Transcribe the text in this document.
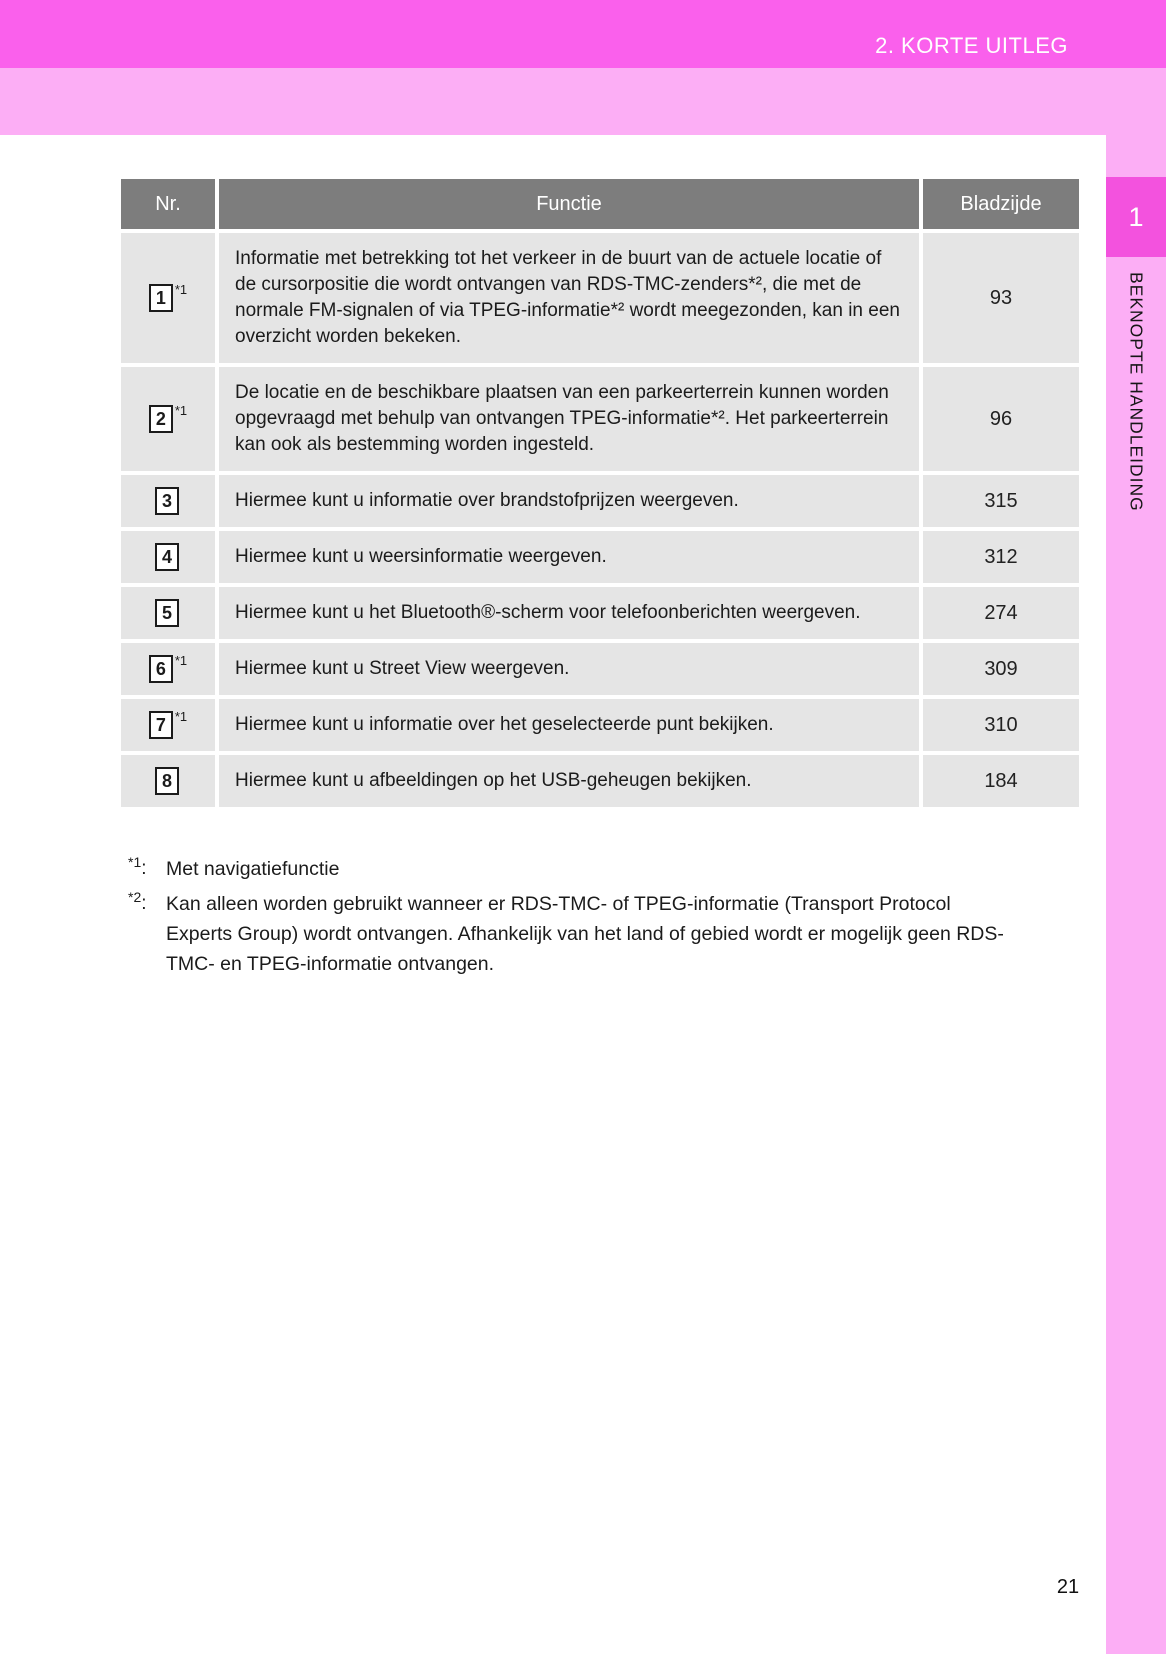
2. KORTE UITLEG
1
BEKNOPTE HANDLEIDING
Nr.	Functie	Bladzijde
1 $^{*1}$	Informatie met betrekking tot het verkeer in de buurt van de actuele locatie of de cursorpositie die wordt ontvangen van RDS-TMC-zenders*², die met de normale FM-signalen of via TPEG-informatie*² wordt meegezonden, kan in een overzicht worden bekeken.	93
2 $^{*1}$	De locatie en de beschikbare plaatsen van een parkeerterrein kunnen worden opgevraagd met behulp van ontvangen TPEG-informatie*². Het parkeerterrein kan ook als bestemming worden ingesteld.	96
3	Hiermee kunt u informatie over brandstofprijzen weergeven.	315
4	Hiermee kunt u weersinformatie weergeven.	312
5	Hiermee kunt u het Bluetooth®-scherm voor telefoonberichten weergeven.	274
6 $^{*1}$	Hiermee kunt u Street View weergeven.	309
7 $^{*1}$	Hiermee kunt u informatie over het geselecteerde punt bekijken.	310
8	Hiermee kunt u afbeeldingen op het USB-geheugen bekijken.	184
$^{*1}$: Met navigatiefunctie
$^{*2}$: Kan alleen worden gebruikt wanneer er RDS-TMC- of TPEG-informatie (Transport Protocol Experts Group) wordt ontvangen. Afhankelijk van het land of gebied wordt er mogelijk geen RDS-TMC- en TPEG-informatie ontvangen.
21
